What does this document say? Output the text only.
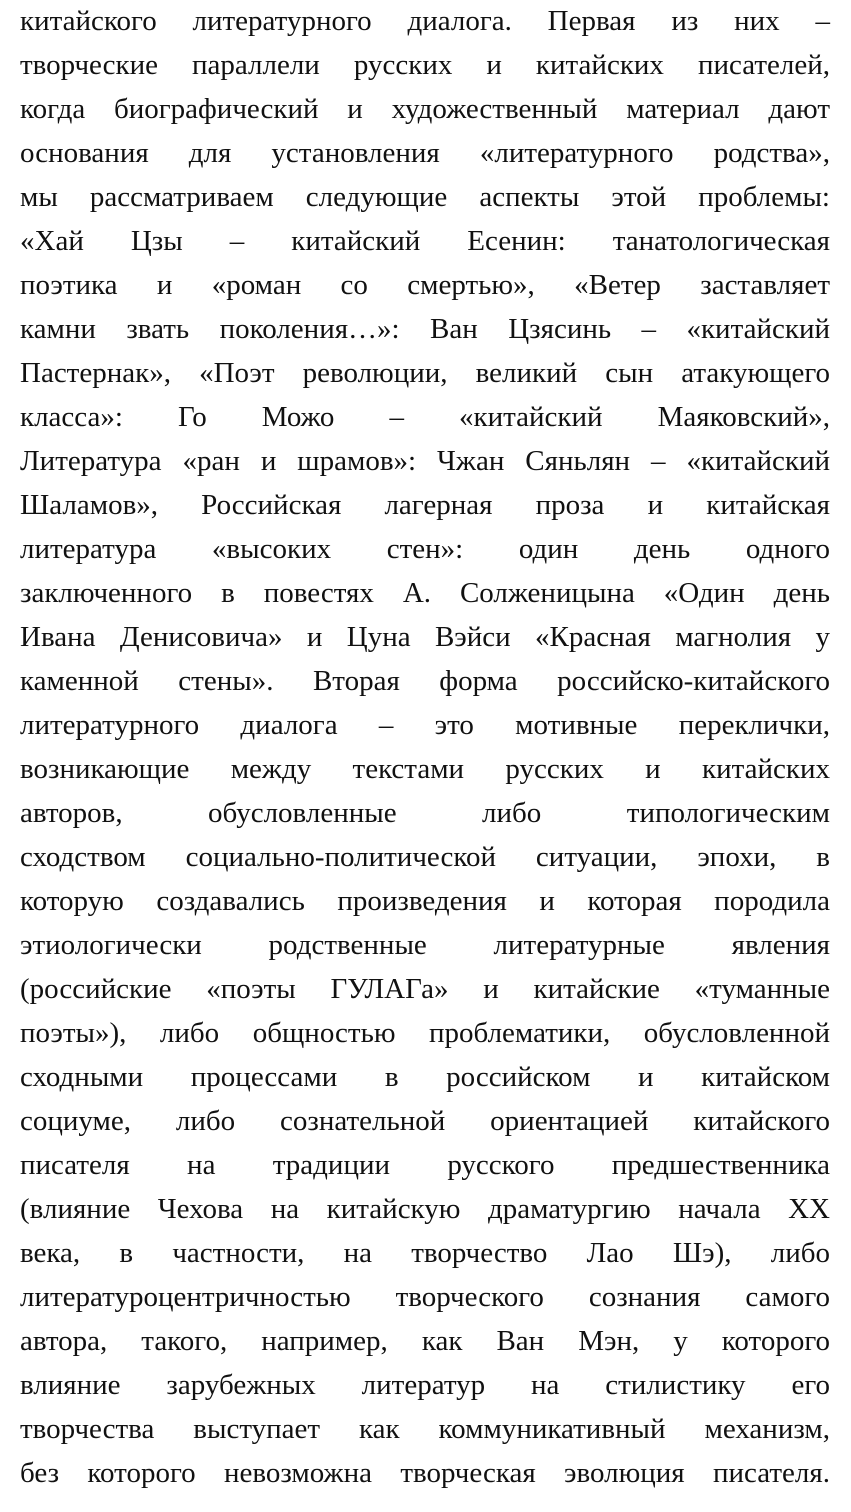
китайского литературного диалога. Первая из них –
творческие параллели русских и китайских писателей,
когда биографический и художественный материал дают
основания для установления «литературного родства»,
мы рассматриваем следующие аспекты этой проблемы:
«Хай Цзы – китайский Есенин: танатологическая
поэтика и «роман со смертью», «Ветер заставляет
камни звать поколения…»: Ван Цзясинь – «китайский
Пастернак», «Поэт революции, великий сын атакующего
класса»: Го Можо – «китайский Маяковский»,
Литература «ран и шрамов»: Чжан Сяньлян – «китайский
Шаламов», Российская лагерная проза и китайская
литература «высоких стен»: один день одного
заключенного в повестях А. Солженицына «Один день
Ивана Денисовича» и Цуна Вэйси «Красная магнолия у
каменной стены». Вторая форма российско-китайского
литературного диалога – это мотивные переклички,
возникающие между текстами русских и китайских
авторов, обусловленные либо типологическим
сходством социально-политической ситуации, эпохи, в
которую создавались произведения и которая породила
этиологически родственные литературные явления
(российские «поэты ГУЛАГа» и китайские «туманные
поэты»), либо общностью проблематики, обусловленной
сходными процессами в российском и китайском
социуме, либо сознательной ориентацией китайского
писателя на традиции русского предшественника
(влияние Чехова на китайскую драматургию начала XX
века, в частности, на творчество Лао Шэ), либо
литературоцентричностью творческого сознания самого
автора, такого, например, как Ван Мэн, у которого
влияние зарубежных литератур на стилистику его
творчества выступает как коммуникативный механизм,
без которого невозможна творческая эволюция писателя.
